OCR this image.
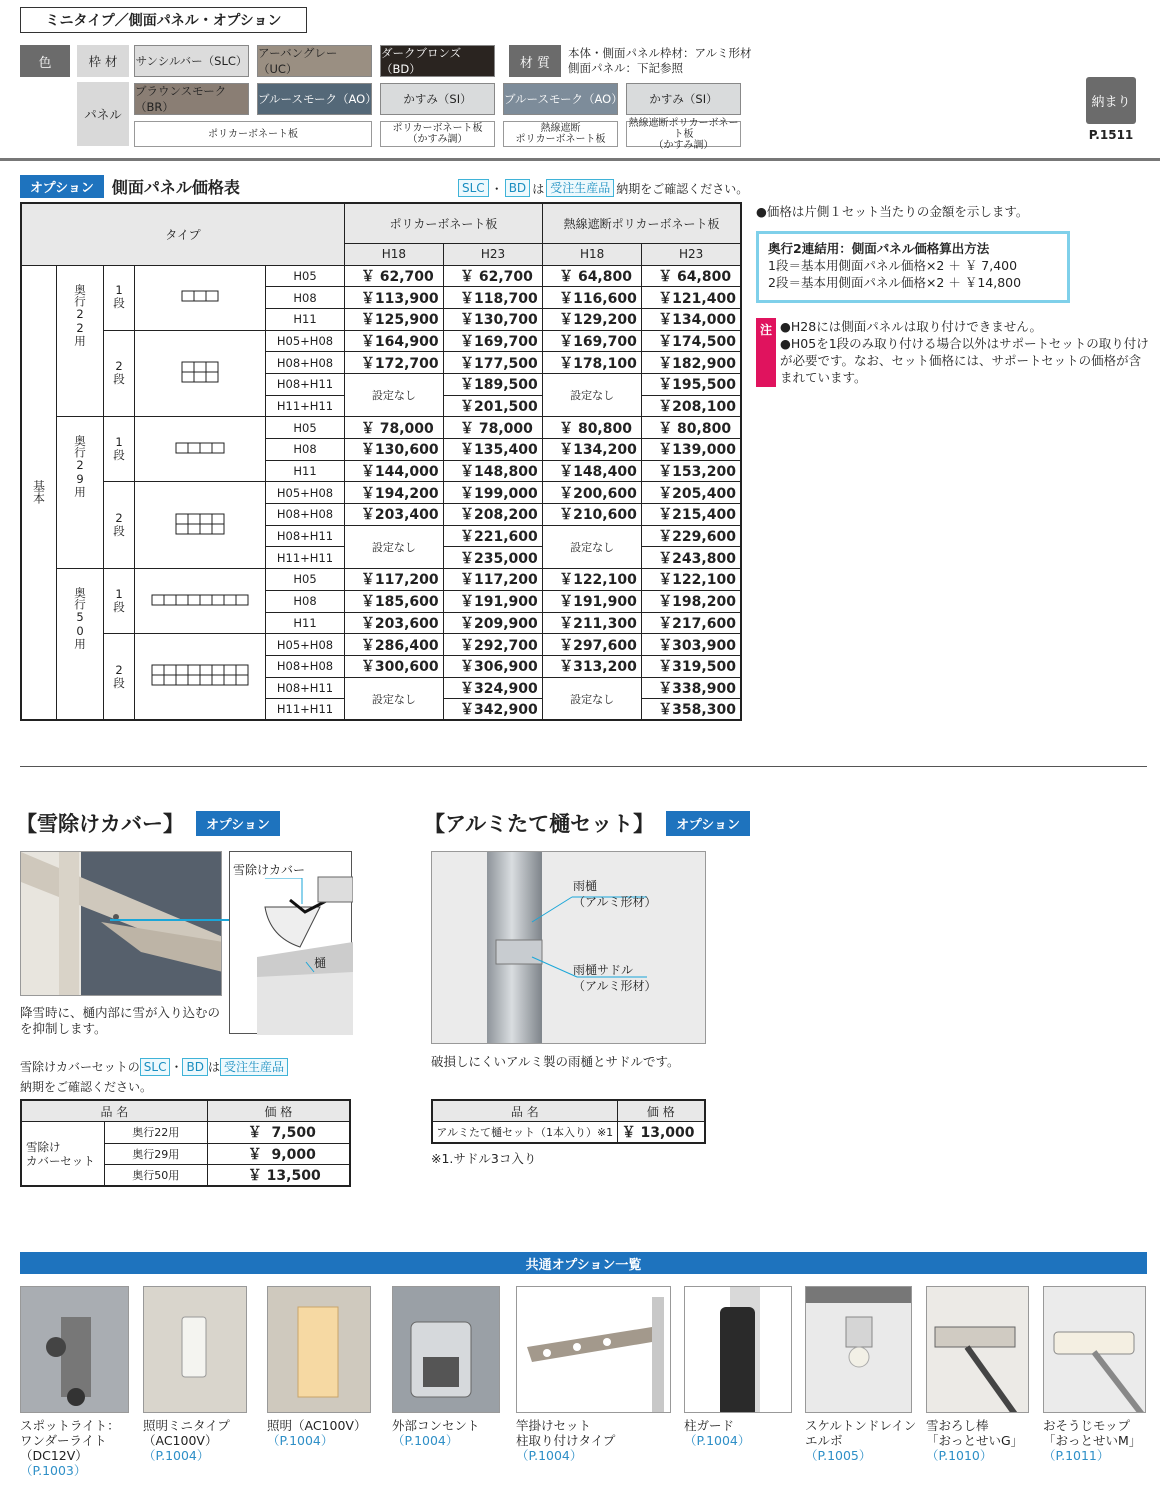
ミニタイプ／側面パネル・オプション
色	枠 材
パネル
材 質
本体・側面パネル枠材：アルミ形材
側面パネル：下記参照
サンシルバー（SLC）
アーバングレー（UC）
ダークブロンズ（BD）
ブラウンスモーク（BR）
ブルースモーク（AO）	かすみ（SI）	ブルースモーク（AO）	かすみ（SI）
ポリカーボネート板	ポリカーボネート板
（かすみ調）
熱線遮断
ポリカーボネート板
熱線遮断ポリカーボネート板
（かすみ調）
納まり
P.1511
オプション	側面パネル価格表	SLC ・ BD は 受注生産品 納期をご確認ください。
タイプ					ポリカーボネート板		熱線遮断ポリカーボネート板	
					H18	H23	H18	H23
基本	奥行22用	1段		H05	￥ 62,700	￥ 62,700	￥ 64,800	￥ 64,800
				H08	￥113,900	￥118,700	￥116,600	￥121,400
				H11	￥125,900	￥130,700	￥129,200	￥134,000
		2段		H05+H08	￥164,900	￥169,700	￥169,700	￥174,500
				H08+H08	￥172,700	￥177,500	￥178,100	￥182,900
				H08+H11	設定なし	￥189,500	設定なし	￥195,500
				H11+H11		￥201,500		￥208,100
	奥行29用	1段		H05	￥ 78,000	￥ 78,000	￥ 80,800	￥ 80,800
				H08	￥130,600	￥135,400	￥134,200	￥139,000
				H11	￥144,000	￥148,800	￥148,400	￥153,200
		2段		H05+H08	￥194,200	￥199,000	￥200,600	￥205,400
				H08+H08	￥203,400	￥208,200	￥210,600	￥215,400
				H08+H11	設定なし	￥221,600	設定なし	￥229,600
				H11+H11		￥235,000		￥243,800
	奥行50用	1段		H05	￥117,200	￥117,200	￥122,100	￥122,100
				H08	￥185,600	￥191,900	￥191,900	￥198,200
				H11	￥203,600	￥209,900	￥211,300	￥217,600
		2段		H05+H08	￥286,400	￥292,700	￥297,600	￥303,900
				H08+H08	￥300,600	￥306,900	￥313,200	￥319,500
				H08+H11	設定なし	￥324,900	設定なし	￥338,900
				H11+H11		￥342,900		￥358,300
●価格は片側１セット当たりの金額を示します。
奥行2連結用：側面パネル価格算出方法
1段＝基本用側面パネル価格×2 ＋ ￥ 7,400
2段＝基本用側面パネル価格×2 ＋ ￥14,800
注 ●H28には側面パネルは取り付けできません。
●H05を1段のみ取り付ける場合以外はサポートセットの取り付けが必要です。なお、セット価格には、サポートセットの価格が含まれています。
【雪除けカバー】	オプション
雪除けカバー
樋
降雪時に、樋内部に雪が入り込むのを抑制します。
雪除けカバーセットの SLC ・ BD は 受注生産品
納期をご確認ください。
品 名		価 格
雪除け
カバーセット	奥行22用	￥  7,500
	奥行29用	￥  9,000
	奥行50用	￥ 13,500
【アルミたて樋セット】	オプション
雨樋
（アルミ形材）
雨樋サドル
（アルミ形材）
破損しにくいアルミ製の雨樋とサドルです。
品 名	価 格
アルミたて樋セット（1本入り）※1	￥ 13,000
※1.サドル3コ入り
共通オプション一覧
スポットライト：
ワンダーライト
（DC12V）
（P.1003）
照明ミニタイプ
（AC100V）
（P.1004）
照明（AC100V）
（P.1004）
外部コンセント
（P.1004）
竿掛けセット
柱取り付けタイプ
（P.1004）
柱ガード
（P.1004）
スケルトンドレイン
エルボ
（P.1005）
雪おろし棒
「おっとせいG」
（P.1010）
おそうじモップ
「おっとせいM」
（P.1011）
